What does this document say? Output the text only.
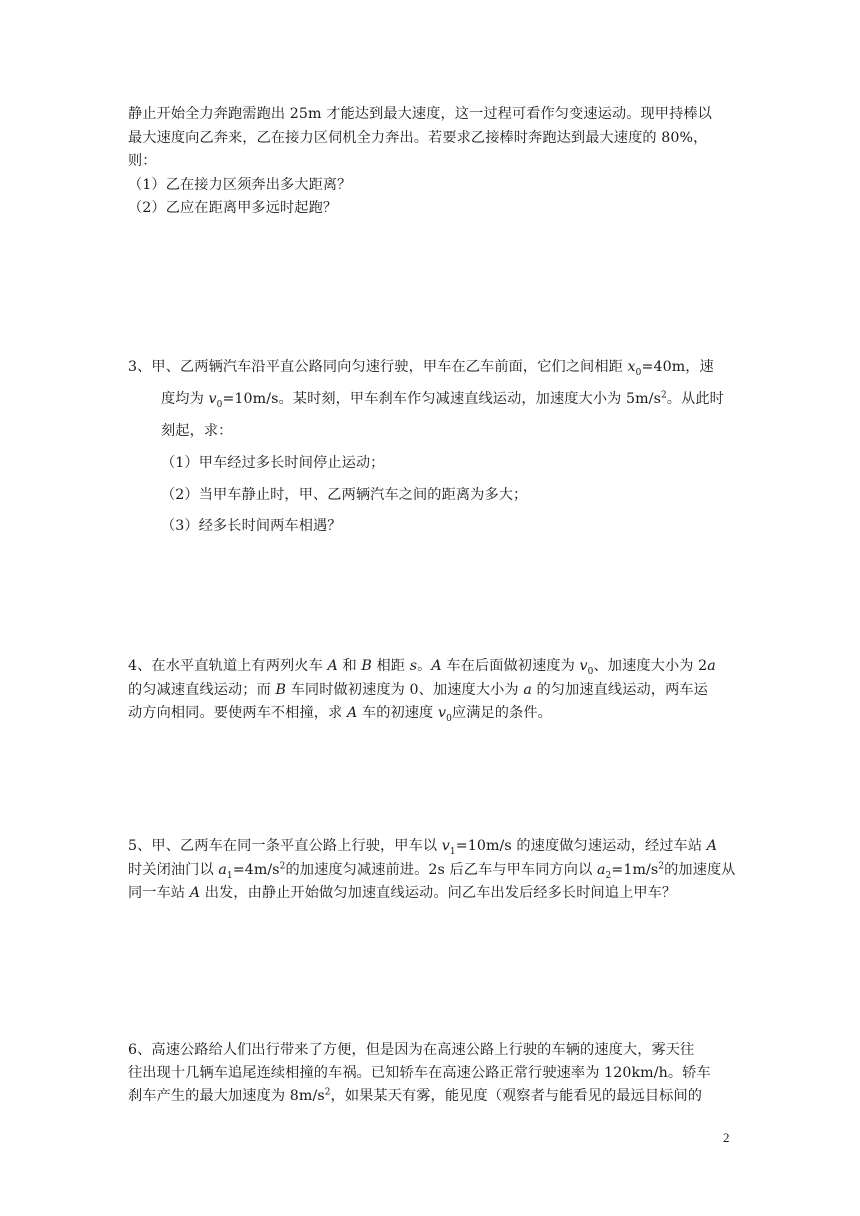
静止开始全力奔跑需跑出 25m 才能达到最大速度，这一过程可看作匀变速运动。现甲持棒以
最大速度向乙奔来，乙在接力区伺机全力奔出。若要求乙接棒时奔跑达到最大速度的 80%，
则：
（1）乙在接力区须奔出多大距离？
（2）乙应在距离甲多远时起跑？
3、甲、乙两辆汽车沿平直公路同向匀速行驶，甲车在乙车前面，它们之间相距 $x_0=40m$，速
度均为 $v_0=10m/s$。某时刻，甲车刹车作匀减速直线运动，加速度大小为 $5m/s^2$。从此时
刻起，求：
（1）甲车经过多长时间停止运动；
（2）当甲车静止时，甲、乙两辆汽车之间的距离为多大；
（3）经多长时间两车相遇？
4、在水平直轨道上有两列火车 A 和 B 相距 s。A 车在后面做初速度为 $v_0$、加速度大小为 2a
的匀减速直线运动；而 B 车同时做初速度为 0、加速度大小为 a 的匀加速直线运动，两车运
动方向相同。要使两车不相撞，求 A 车的初速度 $v_0$应满足的条件。
5、甲、乙两车在同一条平直公路上行驶，甲车以 $v_1=10m/s$ 的速度做匀速运动，经过车站 A
时关闭油门以 $a_1=4m/s^2$的加速度匀减速前进。2s 后乙车与甲车同方向以 $a_2=1m/s^2$的加速度从
同一车站 A 出发，由静止开始做匀加速直线运动。问乙车出发后经多长时间追上甲车？
6、高速公路给人们出行带来了方便，但是因为在高速公路上行驶的车辆的速度大，雾天往
往出现十几辆车追尾连续相撞的车祸。已知轿车在高速公路正常行驶速率为 120km/h。轿车
刹车产生的最大加速度为 $8m/s^2$，如果某天有雾，能见度（观察者与能看见的最远目标间的
2
